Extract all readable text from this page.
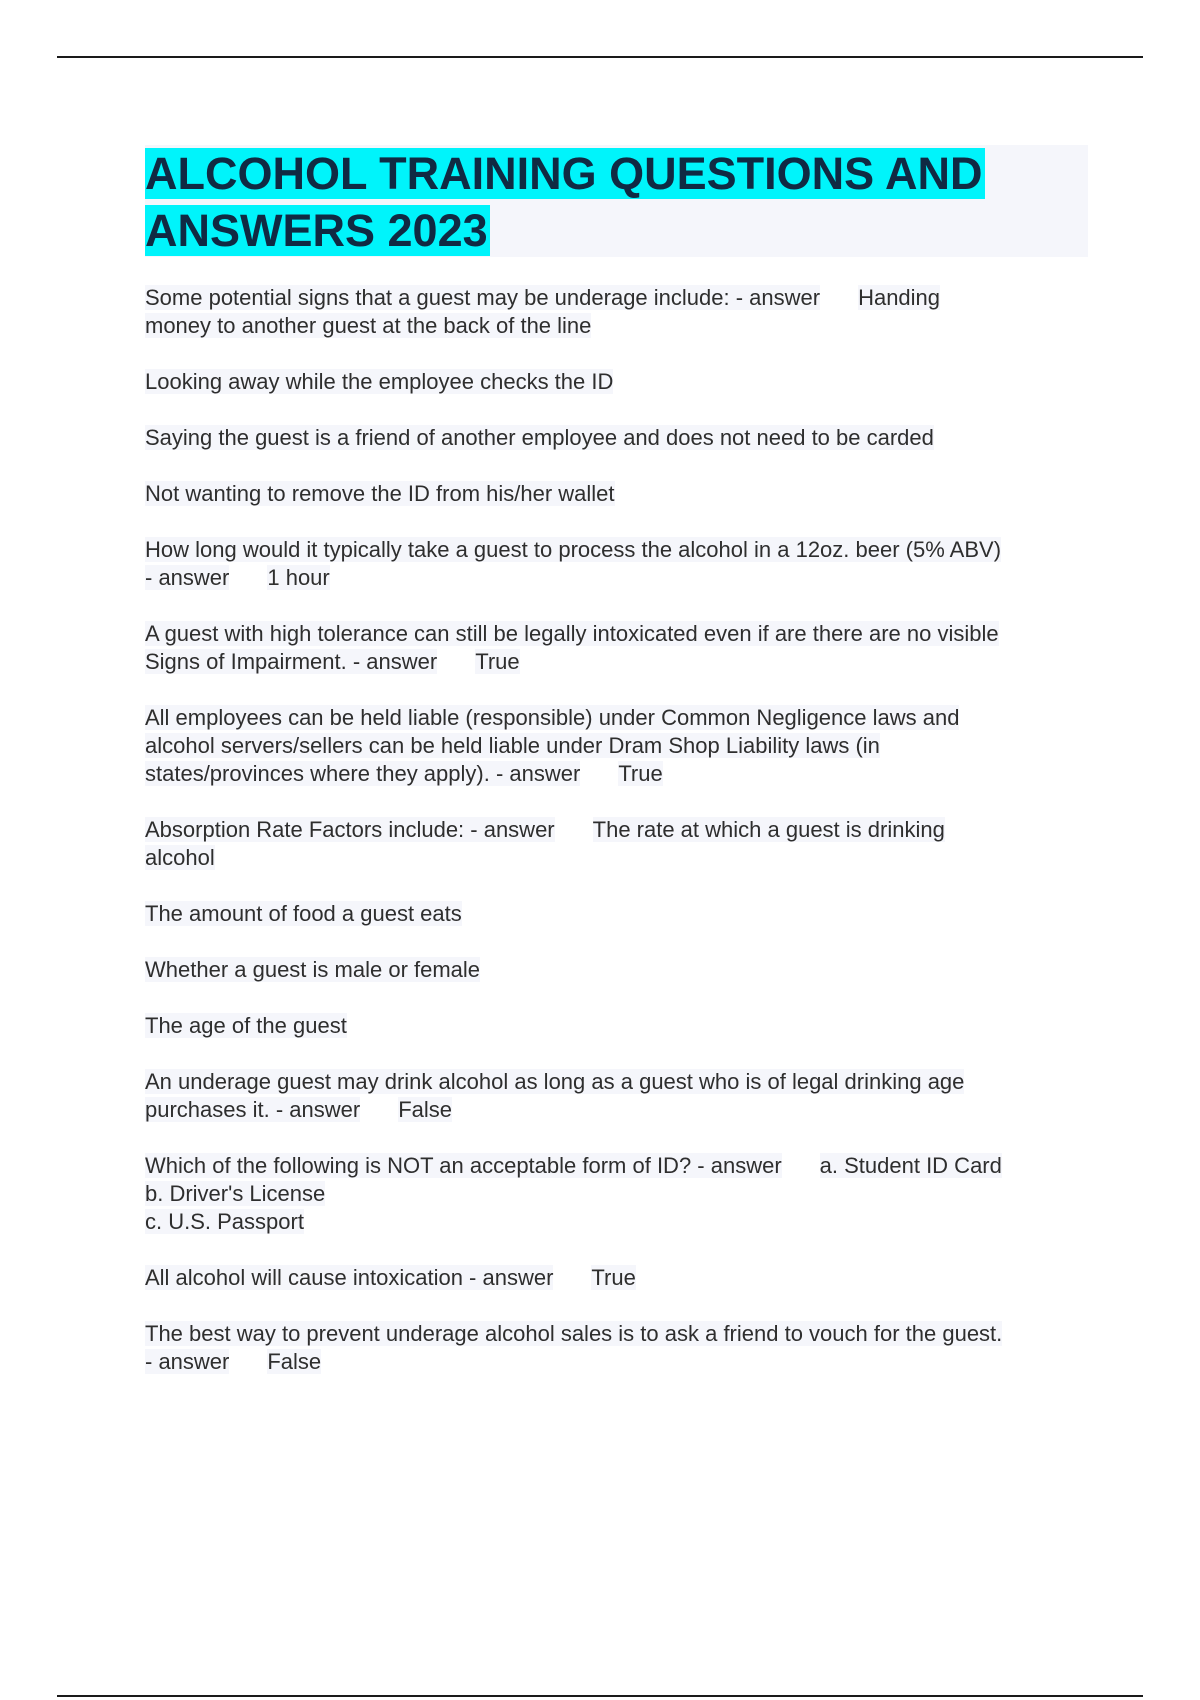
ALCOHOL TRAINING QUESTIONS AND
ANSWERS 2023

Some potential signs that a guest may be underage include: - answer Handing
money to another guest at the back of the line

Looking away while the employee checks the ID

Saying the guest is a friend of another employee and does not need to be carded

Not wanting to remove the ID from his/her wallet

How long would it typically take a guest to process the alcohol in a 12oz. beer (5% ABV)
- answer 1 hour

A guest with high tolerance can still be legally intoxicated even if are there are no visible
Signs of Impairment. - answer True

All employees can be held liable (responsible) under Common Negligence laws and
alcohol servers/sellers can be held liable under Dram Shop Liability laws (in
states/provinces where they apply). - answer True

Absorption Rate Factors include: - answer The rate at which a guest is drinking
alcohol

The amount of food a guest eats

Whether a guest is male or female

The age of the guest

An underage guest may drink alcohol as long as a guest who is of legal drinking age
purchases it. - answer False

Which of the following is NOT an acceptable form of ID? - answer a. Student ID Card
b. Driver's License
c. U.S. Passport

All alcohol will cause intoxication - answer True

The best way to prevent underage alcohol sales is to ask a friend to vouch for the guest.
- answer False
